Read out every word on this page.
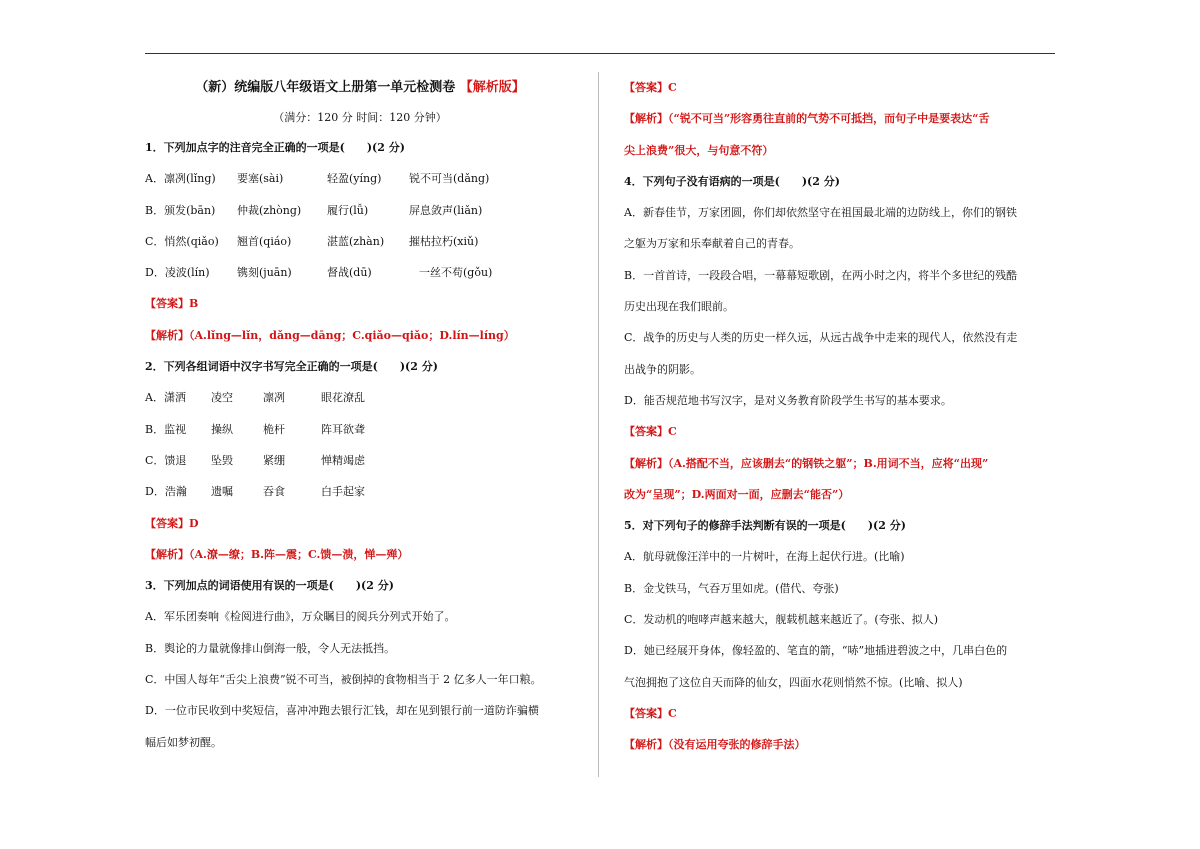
（新）统编版八年级语文上册第一单元检测卷 【解析版】
（满分：120 分 时间：120 分钟）
1．下列加点字的注音完全正确的一项是(　　)(2 分)
A．凛冽(lǐng) 要塞(sài)	轻盈(yíng)	锐不可当(dǎng)
B．颁发(bān) 仲裁(zhòng) 履行(lǚ)	屏息敛声(liǎn)
C．悄然(qiǎo) 翘首(qiáo)	湛蓝(zhàn) 摧枯拉朽(xiǔ)
D．凌波(lín) 镌刻(juān)	督战(dū)	一丝不苟(gǒu)
【答案】B
【解析】（A.lǐng—lǐn，dǎng—dāng；C.qiǎo—qiǎo；D.lín—líng）
2．下列各组词语中汉字书写完全正确的一项是(　　)(2 分)
A．潇洒 凌空	凛冽	眼花潦乱
B．监视 操纵	桅杆	阵耳欲聋
C．馈退 坠毁	紧绷	惮精竭虑
D．浩瀚 遗嘱	吞食	白手起家
【答案】D
【解析】（A.潦—缭；B.阵—震；C.馈—溃，惮—殚）
3．下列加点的词语使用有误的一项是(　　)(2 分)
A．军乐团奏响《检阅进行曲》，万众瞩目的阅兵分列式开始了。
B．舆论的力量就像排山倒海一般，令人无法抵挡。
C．中国人每年“舌尖上浪费”锐不可当，被倒掉的食物相当于 2 亿多人一年口粮。
D．一位市民收到中奖短信，喜冲冲跑去银行汇钱，却在见到银行前一道防诈骗横
幅后如梦初醒。
【答案】C
【解析】（“锐不可当”形容勇往直前的气势不可抵挡，而句子中是要表达“舌
尖上浪费”很大，与句意不符）
4．下列句子没有语病的一项是(　　)(2 分)
A．新春佳节，万家团圆，你们却依然坚守在祖国最北端的边防线上，你们的钢铁
之躯为万家和乐奉献着自己的青春。
B．一首首诗，一段段合唱，一幕幕短歌剧，在两小时之内，将半个多世纪的残酷
历史出现在我们眼前。
C．战争的历史与人类的历史一样久远，从远古战争中走来的现代人，依然没有走
出战争的阴影。
D．能否规范地书写汉字，是对义务教育阶段学生书写的基本要求。
【答案】C
【解析】（A.搭配不当，应该删去“的钢铁之躯”；B.用词不当，应将“出现”
改为“呈现”；D.两面对一面，应删去“能否”）
5．对下列句子的修辞手法判断有误的一项是(　　)(2 分)
A．航母就像汪洋中的一片树叶，在海上起伏行进。(比喻)
B．金戈铁马，气吞万里如虎。(借代、夸张)
C．发动机的咆哮声越来越大，舰载机越来越近了。(夸张、拟人)
D．她已经展开身体，像轻盈的、笔直的箭，“哧”地插进碧波之中，几串白色的
气泡拥抱了这位自天而降的仙女，四面水花则悄然不惊。(比喻、拟人)
【答案】C
【解析】（没有运用夸张的修辞手法）
